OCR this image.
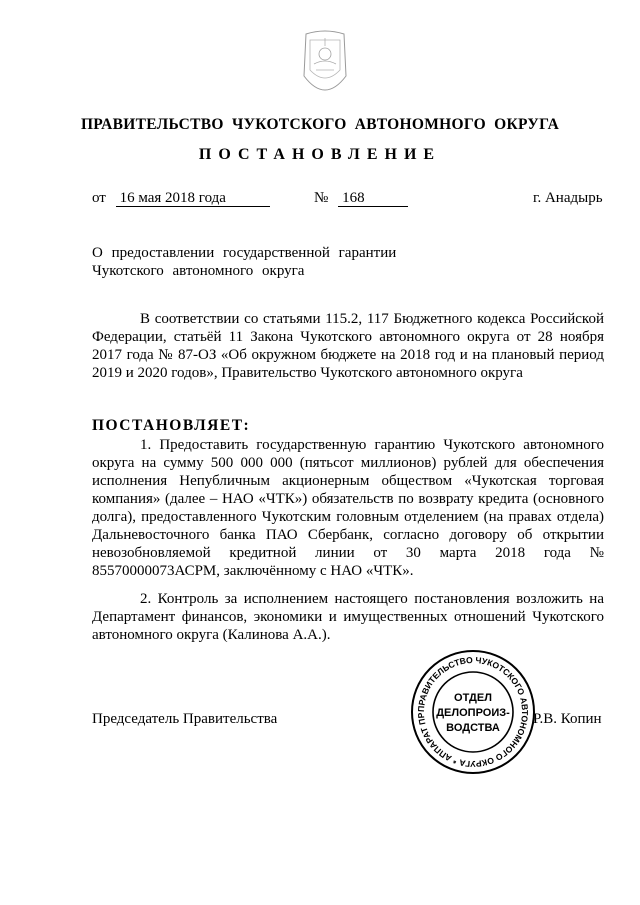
ПРАВИТЕЛЬСТВО ЧУКОТСКОГО АВТОНОМНОГО ОКРУГА
ПОСТАНОВЛЕНИЕ
от 16 мая 2018 года	№ 168	г. Анадырь
О предоставлении государственной гарантии Чукотского автономного округа

В соответствии со статьями 115.2, 117 Бюджетного кодекса Российской Федерации, статьёй 11 Закона Чукотского автономного округа от 28 ноября 2017 года № 87-ОЗ «Об окружном бюджете на 2018 год и на плановый период 2019 и 2020 годов», Правительство Чукотского автономного округа

ПОСТАНОВЛЯЕТ:

1. Предоставить государственную гарантию Чукотского автономного округа на сумму 500 000 000 (пятьсот миллионов) рублей для обеспечения исполнения Непубличным акционерным обществом «Чукотская торговая компания» (далее – НАО «ЧТК») обязательств по возврату кредита (основного долга), предоставленного Чукотским головным отделением (на правах отдела) Дальневосточного банка ПАО Сбербанк, согласно договору об открытии невозобновляемой кредитной линии от 30 марта 2018 года № 85570000073АСРМ, заключённому с НАО «ЧТК».

2. Контроль за исполнением настоящего постановления возложить на Департамент финансов, экономики и имущественных отношений Чукотского автономного округа (Калинова А.А.).

Председатель Правительства	Р.В. Копин
ПРАВИТЕЛЬСТВО ЧУКОТСКОГО АВТОНОМНОГО ОКРУГА * АППАРАТ ПР
ОТДЕЛ
ДЕЛОПРОИЗ-
ВОДСТВА
